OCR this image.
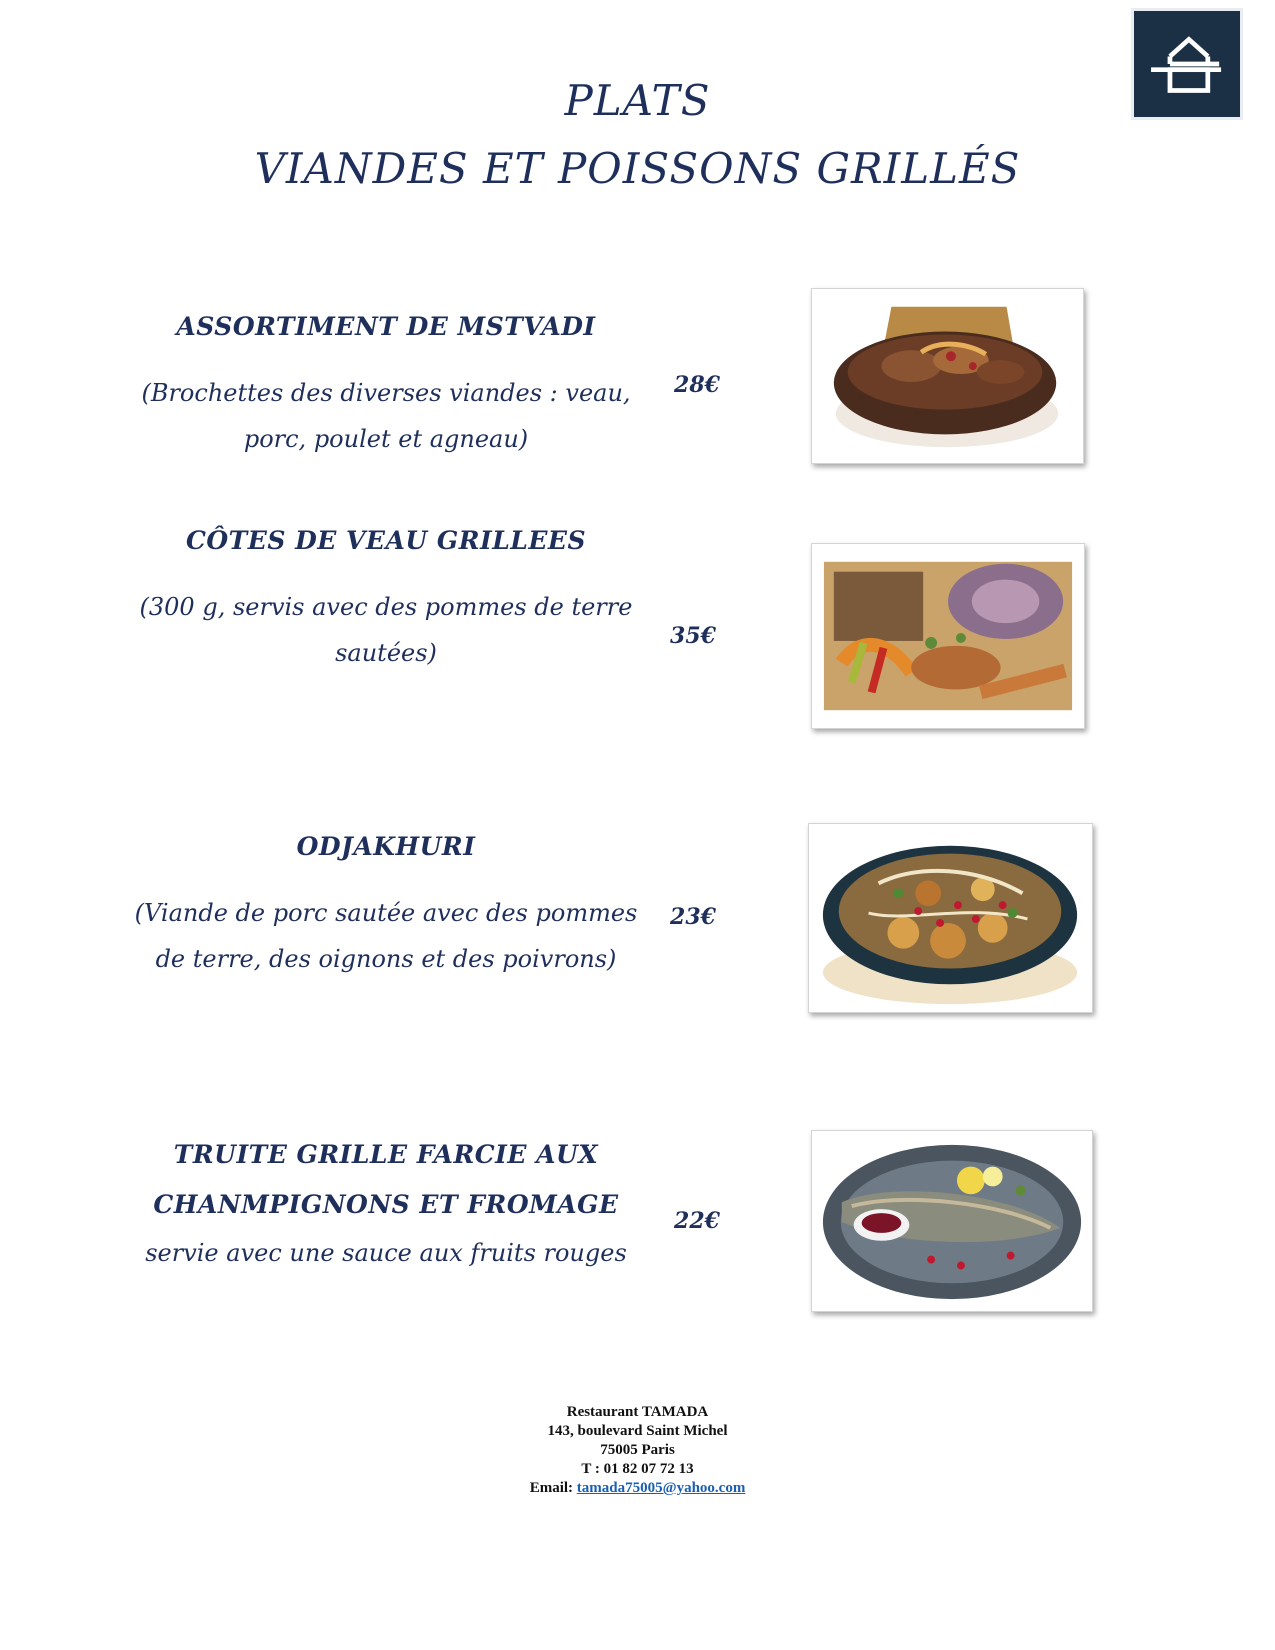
PLATS
VIANDES ET POISSONS GRILLÉS
ASSORTIMENT DE MSTVADI
(Brochettes des diverses viandes : veau,
porc, poulet et agneau)
28€
CÔTES DE VEAU GRILLEES
(300 g, servis avec des pommes de terre
sautées)
35€
ODJAKHURI
(Viande de porc sautée avec des pommes
de terre, des oignons et des poivrons)
23€
TRUITE GRILLE FARCIE AUX
CHANMPIGNONS ET FROMAGE
servie avec une sauce aux fruits rouges
22€
Restaurant TAMADA
143, boulevard Saint Michel
75005 Paris
T : 01 82 07 72 13
Email: tamada75005@yahoo.com
